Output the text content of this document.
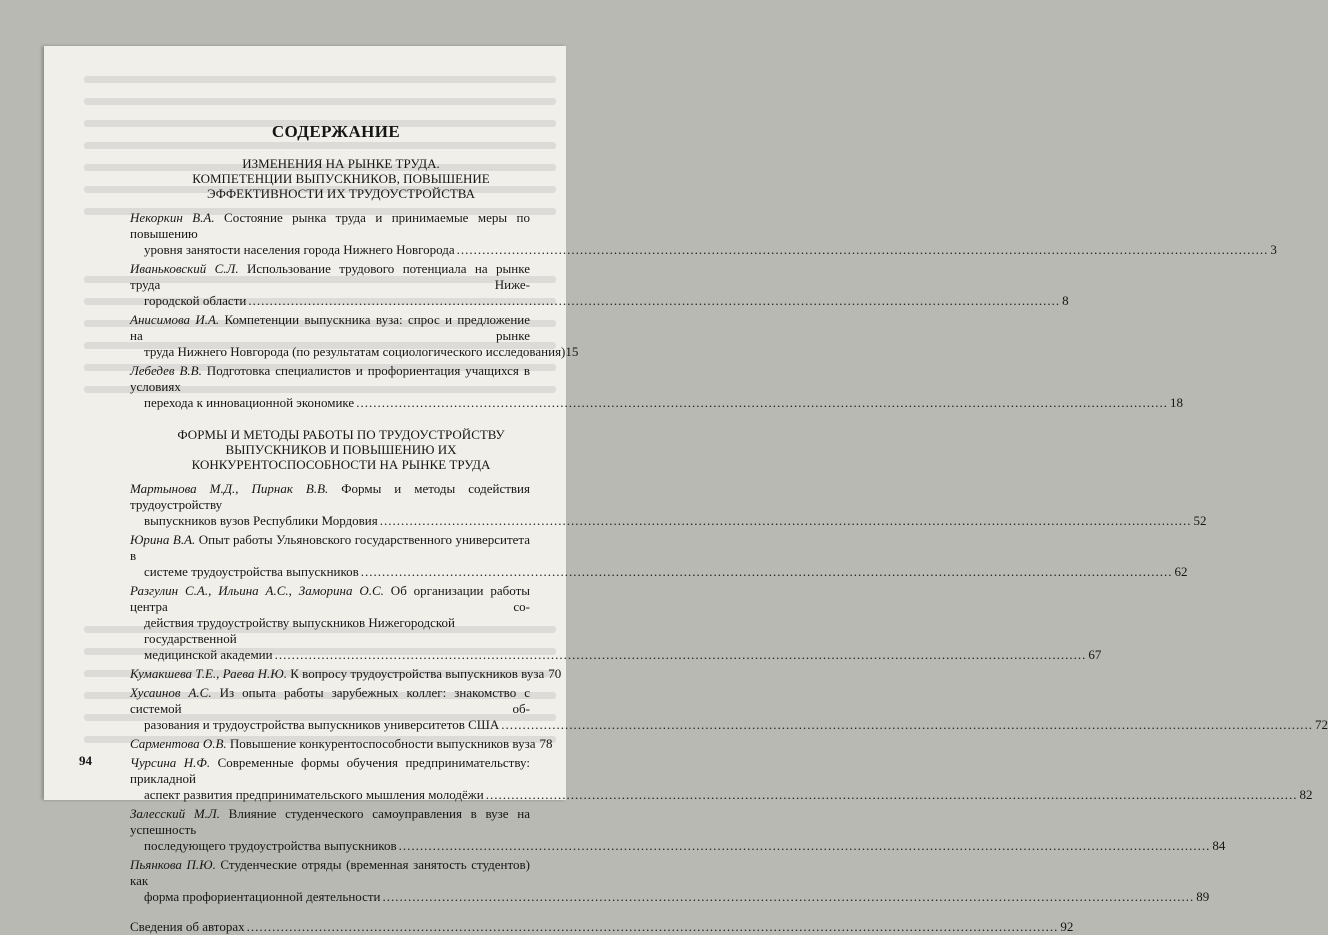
СОДЕРЖАНИЕ
ИЗМЕНЕНИЯ НА РЫНКЕ ТРУДА.
КОМПЕТЕНЦИИ ВЫПУСКНИКОВ, ПОВЫШЕНИЕ
ЭФФЕКТИВНОСТИ ИХ ТРУДОУСТРОЙСТВА
Некоркин В.А. Состояние рынка труда и принимаемые меры по повышению
уровня занятости населения города Нижнего Новгорода .....	3
Иваньковский С.Л. Использование трудового потенциала на рынке труда Ниже-
городской области .....	8
Анисимова И.А. Компетенции выпускника вуза: спрос и предложение на рынке
труда Нижнего Новгорода (по результатам социологического исследования) 15
Лебедев В.В. Подготовка специалистов и профориентация учащихся в условиях
перехода к инновационной экономике .....	18
ФОРМЫ И МЕТОДЫ РАБОТЫ ПО ТРУДОУСТРОЙСТВУ
ВЫПУСКНИКОВ И ПОВЫШЕНИЮ ИХ
КОНКУРЕНТОСПОСОБНОСТИ НА РЫНКЕ ТРУДА
Мартынова М.Д., Пирнак В.В. Формы и методы содействия трудоустройству
выпускников вузов Республики Мордовия .....	52
Юрина В.А. Опыт работы Ульяновского государственного университета в
системе трудоустройства выпускников .....	62
Разгулин С.А., Ильина А.С., Заморина О.С. Об организации работы центра со-
действия трудоустройству выпускников Нижегородской государственной
медицинской академии .....	67
Кумакшева Т.Е., Раева Н.Ю. К вопросу трудоустройства выпускников вуза 70
Хусаинов А.С. Из опыта работы зарубежных коллег: знакомство с системой об-
разования и трудоустройства выпускников университетов США .....	72
Сарментова О.В. Повышение конкурентоспособности выпускников вуза 78
Чурсина Н.Ф. Современные формы обучения предпринимательству: прикладной
аспект развития предпринимательского мышления молодёжи .....	82
Залесский М.Л. Влияние студенческого самоуправления в вузе на успешность
последующего трудоустройства выпускников .....	84
Пьянкова П.Ю. Студенческие отряды (временная занятость студентов) как
форма профориентационной деятельности .....	89
Сведения об авторах .....	92
94
